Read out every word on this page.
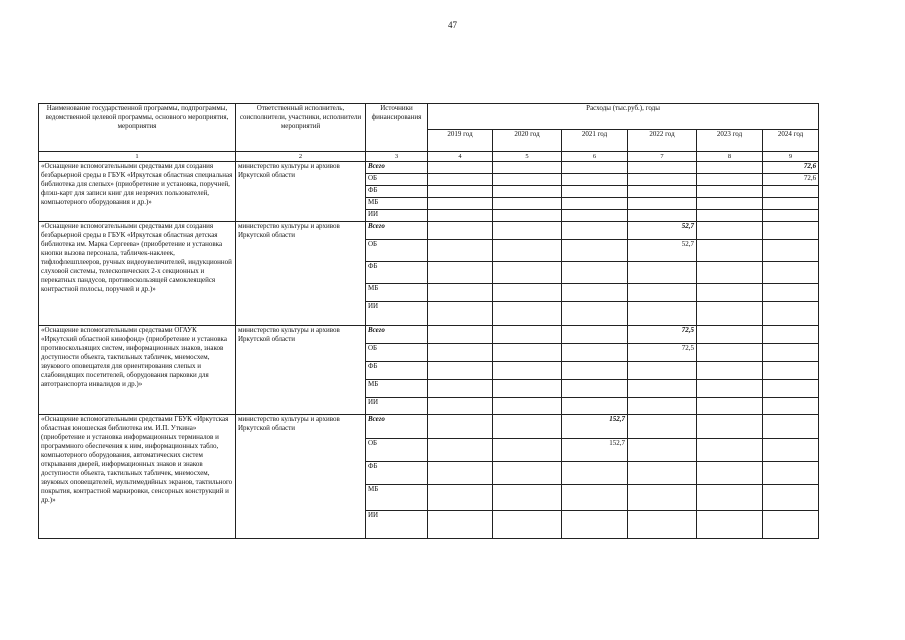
47
Наименование государственной программы, подпрограммы, ведомственной целевой программы, основного мероприятия, мероприятия	Ответственный исполнитель, соисполнители, участники, исполнители мероприятий	Источники финансирования	Расходы (тыс.руб.), годы					
			2019 год	2020 год	2021 год	2022 год	2023 год	2024 год
1	2	3	4	5	6	7	8	9
«Оснащение вспомогательными средствами для создания безбарьерной среды в ГБУК «Иркутская областная специальная библиотека для слепых» (приобретение и установка, поручней, флэш-карт для записи книг для незрячих пользователей, компьютерного оборудования и др.)»	министерство культуры и архивов Иркутской области	Всего						72,6
		ОБ						72,6
		ФБ						
		МБ						
		ИИ						
«Оснащение вспомогательными средствами для создания безбарьерной среды в ГБУК «Иркутская областная детская библиотека им. Марка Сергеева» (приобретение и установка кнопки вызова персонала, табличек-наклеек, тифлофлешплееров, ручных видеоувеличителей, индукционной слуховой системы, телескопических 2-х секционных и перекатных пандусов, противоскользящей самоклеящейся контрастной полосы, поручней и др.)»	министерство культуры и архивов Иркутской области	Всего				52,7		
		ОБ				52,7		
		ФБ						
		МБ						
		ИИ						
«Оснащение вспомогательными средствами ОГАУК «Иркутский областной кинофонд» (приобретение и установка противоскользящих систем, информационных знаков, знаков доступности объекта, тактильных табличек, мнемосхем, звукового оповещателя для ориентирования слепых и слабовидящих посетителей, оборудования парковки для автотранспорта инвалидов и др.)»	министерство культуры и архивов Иркутской области	Всего				72,5		
		ОБ				72,5		
		ФБ						
		МБ						
		ИИ						
«Оснащение вспомогательными средствами ГБУК «Иркутская областная юношеская библиотека им. И.П. Уткина» (приобретение и установка информационных терминалов и программного обеспечения к ним, информационных табло, компьютерного оборудования, автоматических систем открывания дверей, информационных знаков и знаков доступности объекта, тактильных табличек, мнемосхем, звуковых оповещателей, мультимедийных экранов, тактильного покрытия, контрастной маркировки, сенсорных конструкций и др.)»	министерство культуры и архивов Иркутской области	Всего			152,7			
		ОБ			152,7			
		ФБ						
		МБ						
		ИИ						
